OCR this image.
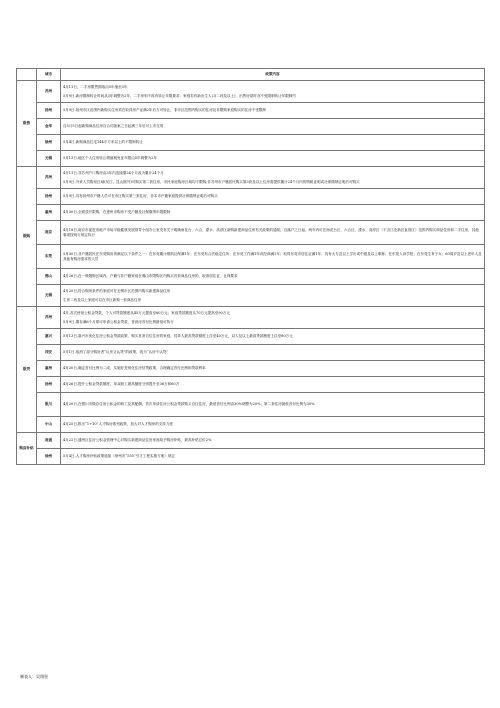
	城市	政策内容
限售	苏州	4月11日，二手房限售期取由5年缩至3年
5月9日,新房限制转让时间从3年调整为2年，二手房则不再有转让年限要求；家庭若有新出生人口(二孩及以上)，出售房屋时亦不受限制转让年限制约

	扬州	5月9日,扬州市区范围内新购买住房须在取得房产证满2年后方可转让，非市区范围内购买的住房及非限购家庭购买的住房不受限制

	金华	自5月5日起新购商品住房自合同备案之日起满三年后可上市交易

	徐州	5月4日,新购商品住宅144平方米以上的不限制转让

	无锡	5月13日,地区个人住房转让增值税免征年限由5年调整为2年

限购	苏州	4月11日,非苏州户口购房由3年内连续缴24个月改为累计24个月
5月9日,外来人员购房区域(吴江、昆山除外)可购买第二套住房，市民家庭购房区域均不限购;非苏州市户籍居民购买第3套及以上住房需提供累计24个月内的纳税证明或社保缴纳证明后可购买

	扬州	5月9日,具有扬州市户籍人员可在市区购买第三套住房，非本市户籍家庭提供社保缴纳证明后可购买

	惠州	4月30日,全面放开限购，在惠州市购房不受户籍及社保缴纳年限限制

	南京	4月18日,南京市促进房地产市场平稳健康发展领导小组办公室发布关于明确雨花台、六合、溧水、高淳区新购新建商品住房有关政策的通知，自落户之日起，两年内可在雨花台区、六合区、溧水、高淳区（不含江北新区直管区）范围内购买商品住房和二手住房，其他事项按现行规定执行

	东莞	5月30日,非户籍居民在东莞购房须满足以下条件之一：在东莞累计缴纳社保满1年；在东莞有合法稳定住所；在东莞工作满1年或经商满1年；取得东莞市居住证满1年；具有大专及以上学历或中级及以上职称；在东莞入读学校；在东莞生育子女；60周岁及以上老年人及其他有购房需求的人员

	佛山	4月26日,在一般限购区域内，户籍与非户籍家庭在佛山市限购区内购买首套商品住房的，取消居住证、社保要求

	无锡	4月20日,符合购房条件的家庭可在无锡市区范围内购买新建商品住房
生育二孩及以上家庭可以在市区新购一套商品住房

限贷	苏州	4月,首次使用公积金贷款，个人可贷款额度从45万元提高至60万元；家庭贷款额度从70万元提高至90万元
5月9日,缴存满6个月即可申请公积金贷款，首套房首付比例最低可执行

	嘉兴	5月13日,嘉兴市优化住房公积金贷款政策，购买首套自住住房的家庭，其单人最高贷款额度上浮至40万元，双人及以上最高贷款额度上浮至80万元

	西安	5月1日,取消了部分购房者“认房又认贷”的政策，改为“认房不认贷”

	惠州	4月30日,确定首付比例为二成，实施好差别化住房信贷政策，合理确定首付比例和贷款利率

	扬州	4月26日,提升公积金贷款额度，单双职工最高额度分别提升至36万和60万

	银川	4月20日,在银川市缴存住房公积金的职工及其配偶，首次申请住房公积金贷款购买自住住房，最低首付比例由30%调整为20%；第二套住房最低首付比例为30%

	中山	4月25日,推出“1+10”人才购房系列政策，加大对人才购房的支持力度

购房补贴	南通	4月22日,通州区住房公积金管理中心对购买新建商品住房家庭给予购房补贴，最高补贴总价2%

	徐州	5月4日,人才购房补贴政策延续《徐州市“555”引才工程实施方案》规定
制表人：吴翔坚
